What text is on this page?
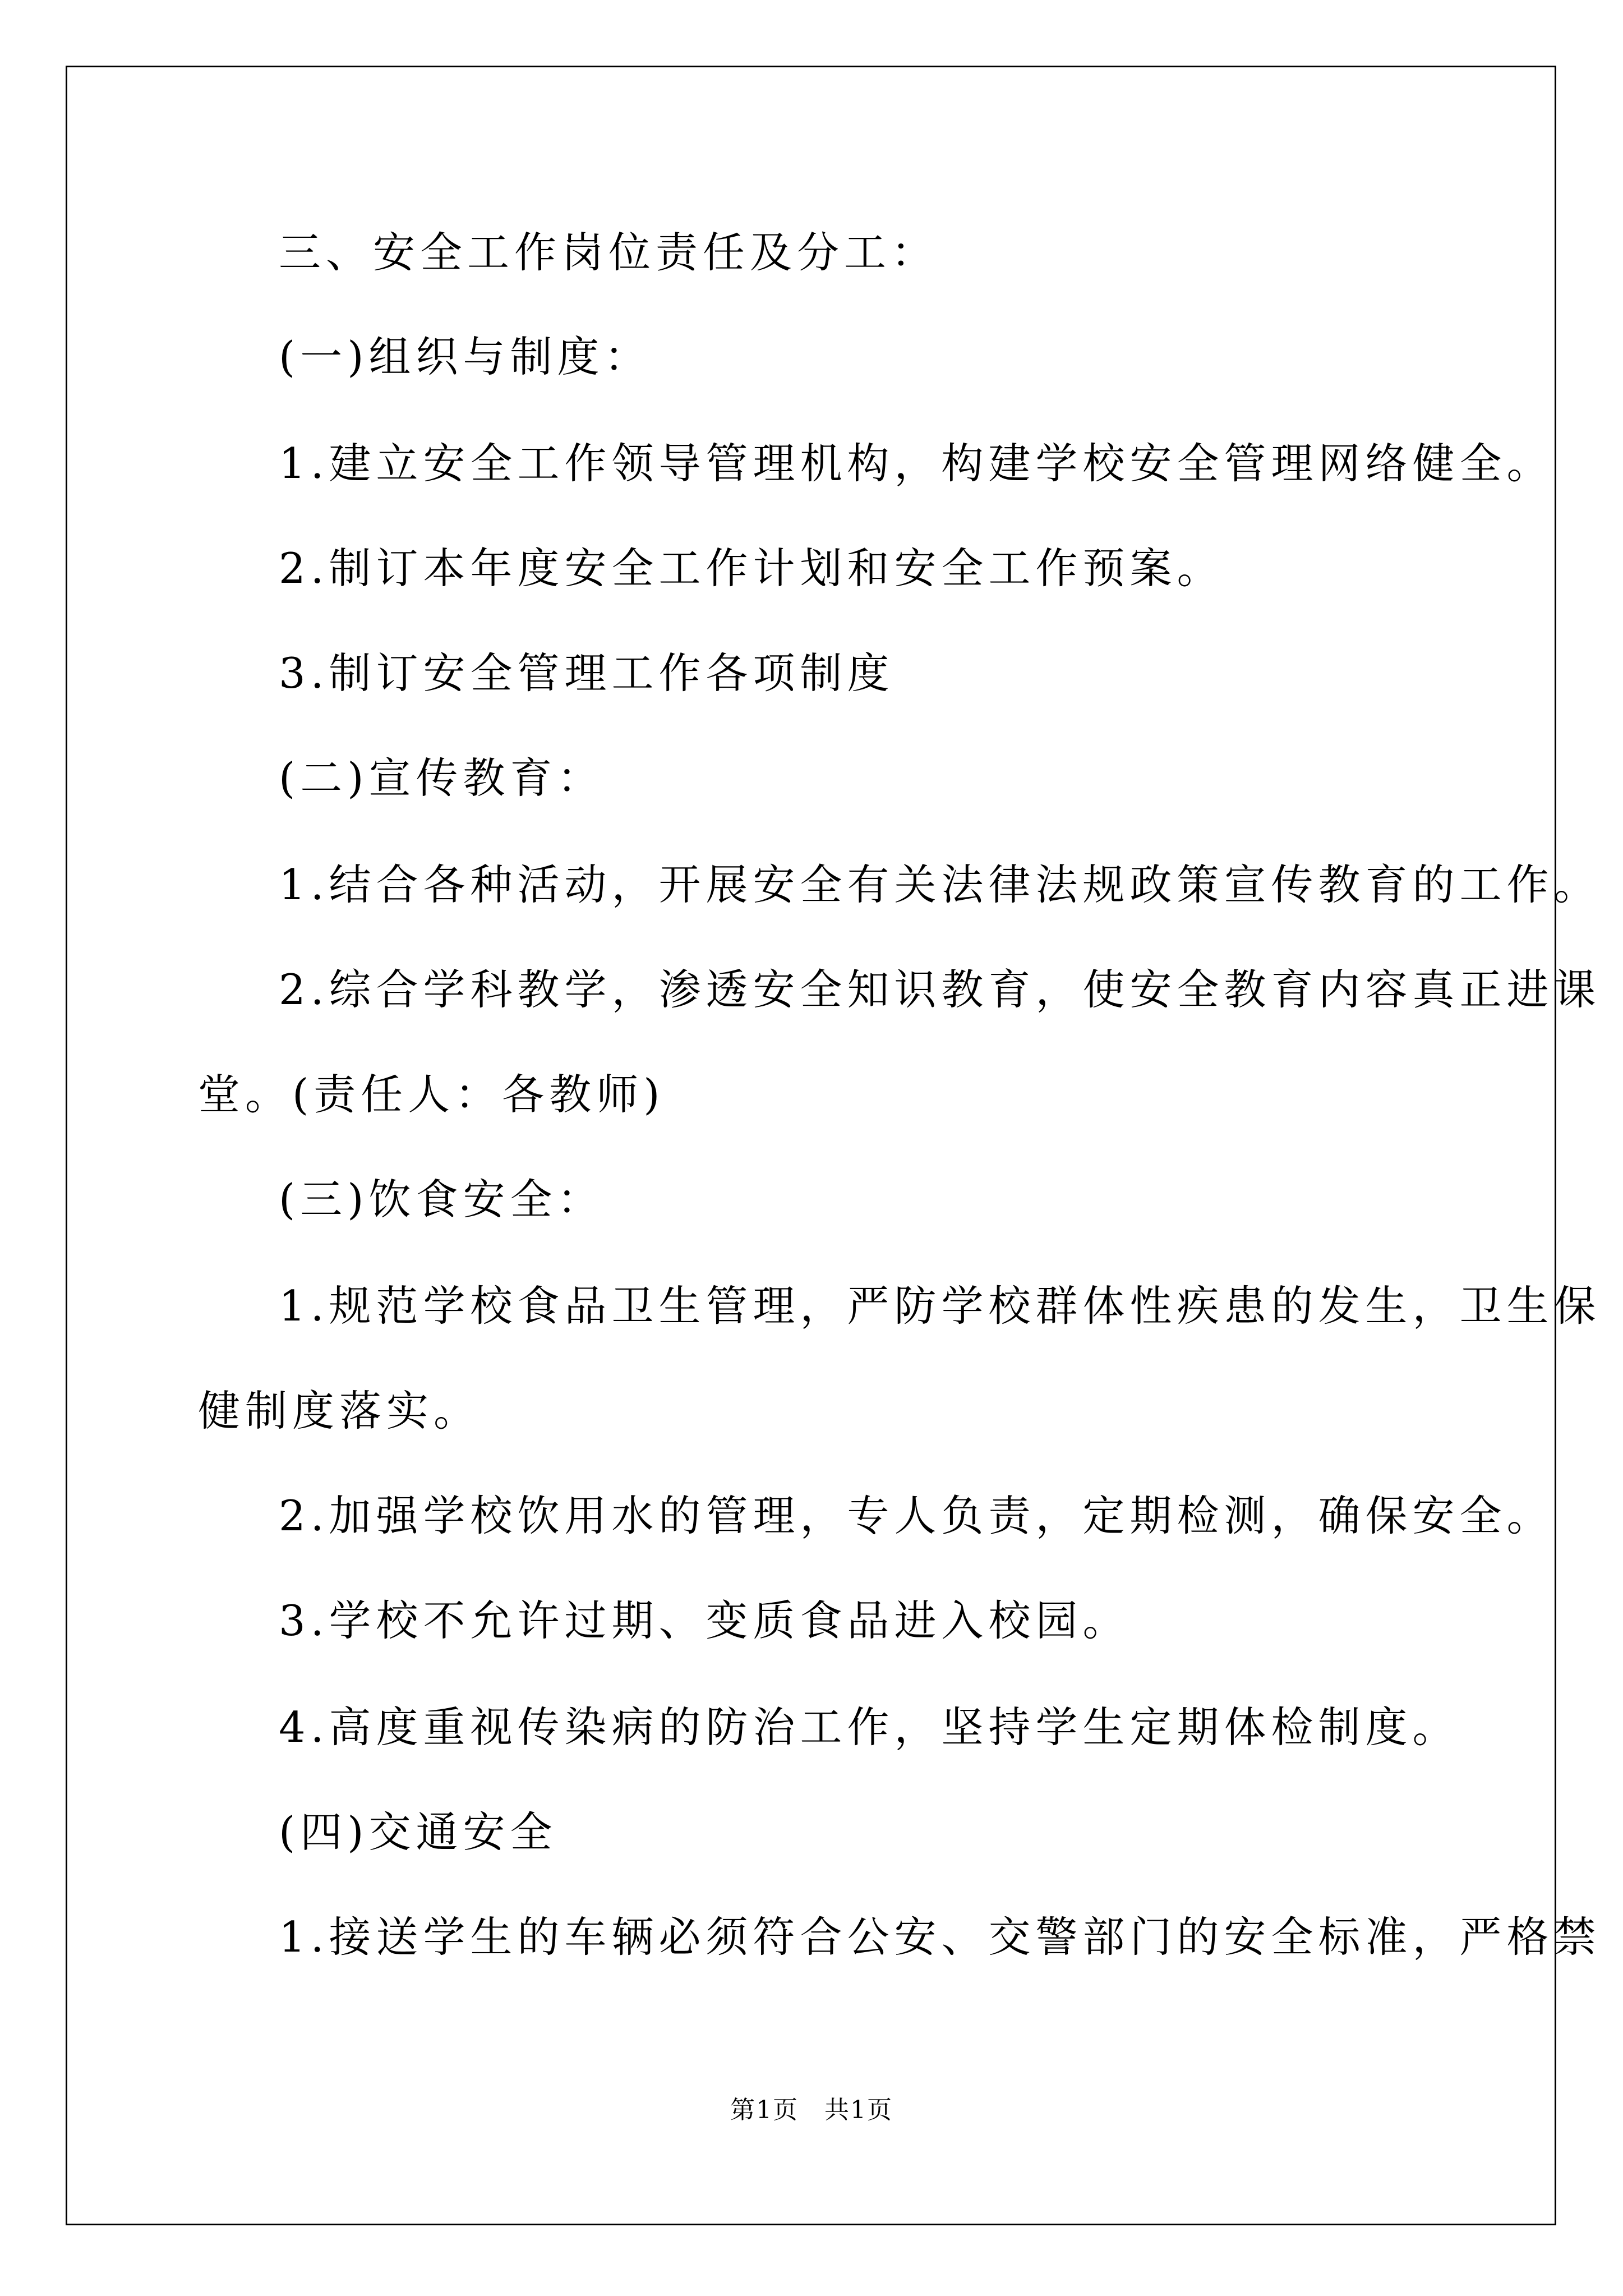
三、安全工作岗位责任及分工：
(一)组织与制度：
1.建立安全工作领导管理机构，构建学校安全管理网络健全。
2.制订本年度安全工作计划和安全工作预案。
3.制订安全管理工作各项制度
(二)宣传教育：
1.结合各种活动，开展安全有关法律法规政策宣传教育的工作。
2.综合学科教学，渗透安全知识教育，使安全教育内容真正进课
堂。(责任人：各教师)
(三)饮食安全：
1.规范学校食品卫生管理，严防学校群体性疾患的发生，卫生保
健制度落实。
2.加强学校饮用水的管理，专人负责，定期检测，确保安全。
3.学校不允许过期、变质食品进入校园。
4.高度重视传染病的防治工作，坚持学生定期体检制度。
(四)交通安全
1.接送学生的车辆必须符合公安、交警部门的安全标准，严格禁
第1页　共1页
